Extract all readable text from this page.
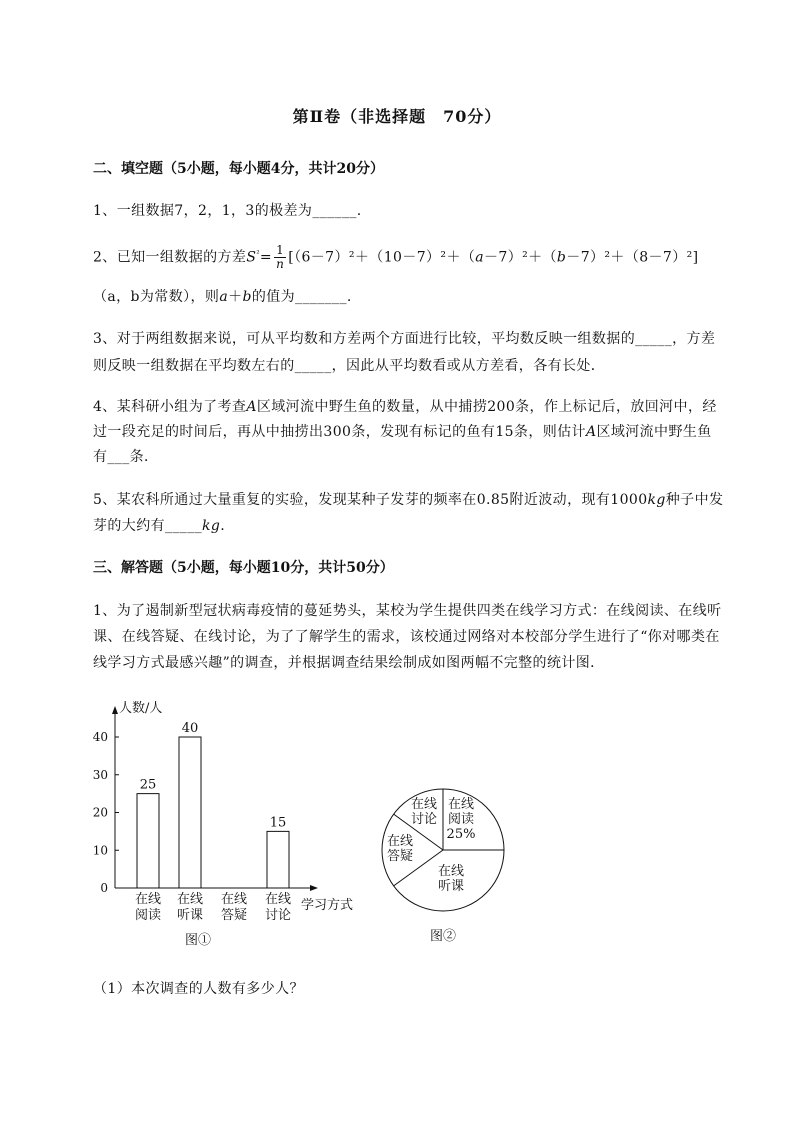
第Ⅱ卷（非选择题　70分）
二、填空题（5小题，每小题4分，共计20分）
1、一组数据7，2，1，3的极差为______.
2、已知一组数据的方差$S^{^2}= \frac{1}{n} [(6-7)^2+(10-7)^2+(a-7)^2+(b-7)^2+(8-7)^2]$
（a，b为常数），则a＋b的值为_______.
3、对于两组数据来说，可从平均数和方差两个方面进行比较，平均数反映一组数据的_____，方差
则反映一组数据在平均数左右的_____，因此从平均数看或从方差看，各有长处．
4、某科研小组为了考查A区域河流中野生鱼的数量，从中捕捞200条，作上标记后，放回河中，经
过一段充足的时间后，再从中抽捞出300条，发现有标记的鱼有15条，则估计A区域河流中野生鱼
有___条．
5、某农科所通过大量重复的实验，发现某种子发芽的频率在0.85附近波动，现有1000kg种子中发
芽的大约有_____kg.
三、解答题（5小题，每小题10分，共计50分）
1、为了遏制新型冠状病毒疫情的蔓延势头，某校为学生提供四类在线学习方式：在线阅读、在线听
课、在线答疑、在线讨论，为了了解学生的需求，该校通过网络对本校部分学生进行了“你对哪类在
线学习方式最感兴趣”的调查，并根据调查结果绘制成如图两幅不完整的统计图．
人数/人
学习方式
0
10
20
30
40
25
在线
阅读
40
在线
听课
在线
答疑
15
在线
讨论
图①
在线
阅读
25%
在线
听课
在线
答疑
在线
讨论
图②
（1）本次调查的人数有多少人？
